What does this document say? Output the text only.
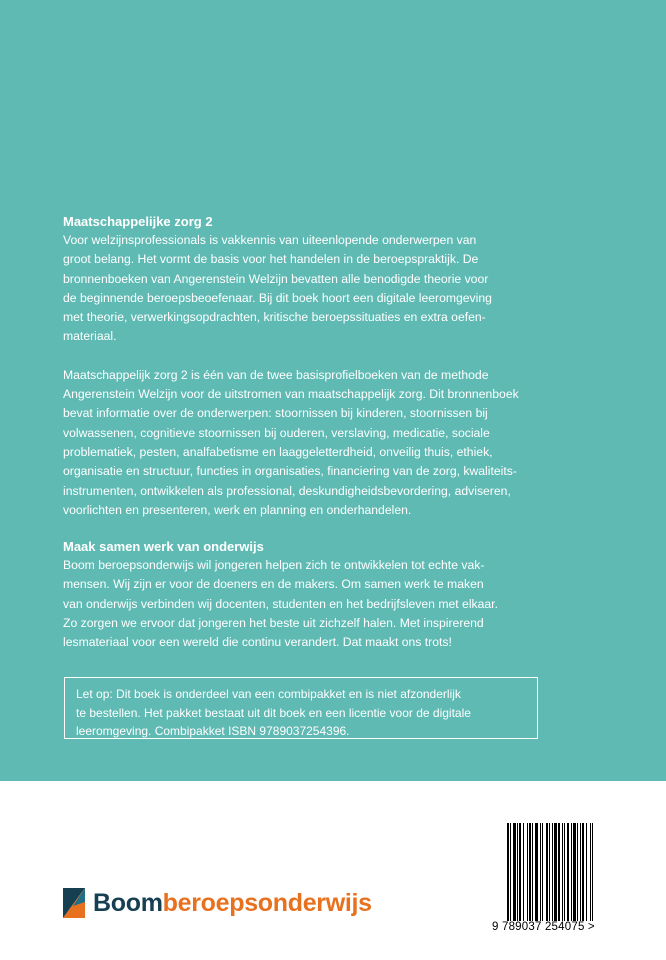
Maatschappelijke zorg 2

Voor welzijnsprofessionals is vakkennis van uiteenlopende onderwerpen van

groot belang. Het vormt de basis voor het handelen in de beroepspraktijk. De

bronnenboeken van Angerenstein Welzijn bevatten alle benodigde theorie voor

de beginnende beroepsbeoefenaar. Bij dit boek hoort een digitale leeromgeving

met theorie, verwerkingsopdrachten, kritische beroepssituaties en extra oefen-

materiaal.

Maatschappelijk zorg 2 is één van de twee basisprofielboeken van de methode

Angerenstein Welzijn voor de uitstromen van maatschappelijk zorg. Dit bronnenboek

bevat informatie over de onderwerpen: stoornissen bij kinderen, stoornissen bij

volwassenen, cognitieve stoornissen bij ouderen, verslaving, medicatie, sociale

problematiek, pesten, analfabetisme en laaggeletterdheid, onveilig thuis, ethiek,

organisatie en structuur, functies in organisaties, financiering van de zorg, kwaliteits-

instrumenten, ontwikkelen als professional, deskundigheidsbevordering, adviseren,

voorlichten en presenteren, werk en planning en onderhandelen.

Maak samen werk van onderwijs

Boom beroepsonderwijs wil jongeren helpen zich te ontwikkelen tot echte vak-

mensen. Wij zijn er voor de doeners en de makers. Om samen werk te maken

van onderwijs verbinden wij docenten, studenten en het bedrijfsleven met elkaar.

Zo zorgen we ervoor dat jongeren het beste uit zichzelf halen. Met inspirerend

lesmateriaal voor een wereld die continu verandert. Dat maakt ons trots!

Let op: Dit boek is onderdeel van een combipakket en is niet afzonderlijk
te bestellen. Het pakket bestaat uit dit boek en een licentie voor de digitale
leeromgeving. Combipakket ISBN 9789037254396.
Boom beroepsonderwijs
9 789037 254075 >
